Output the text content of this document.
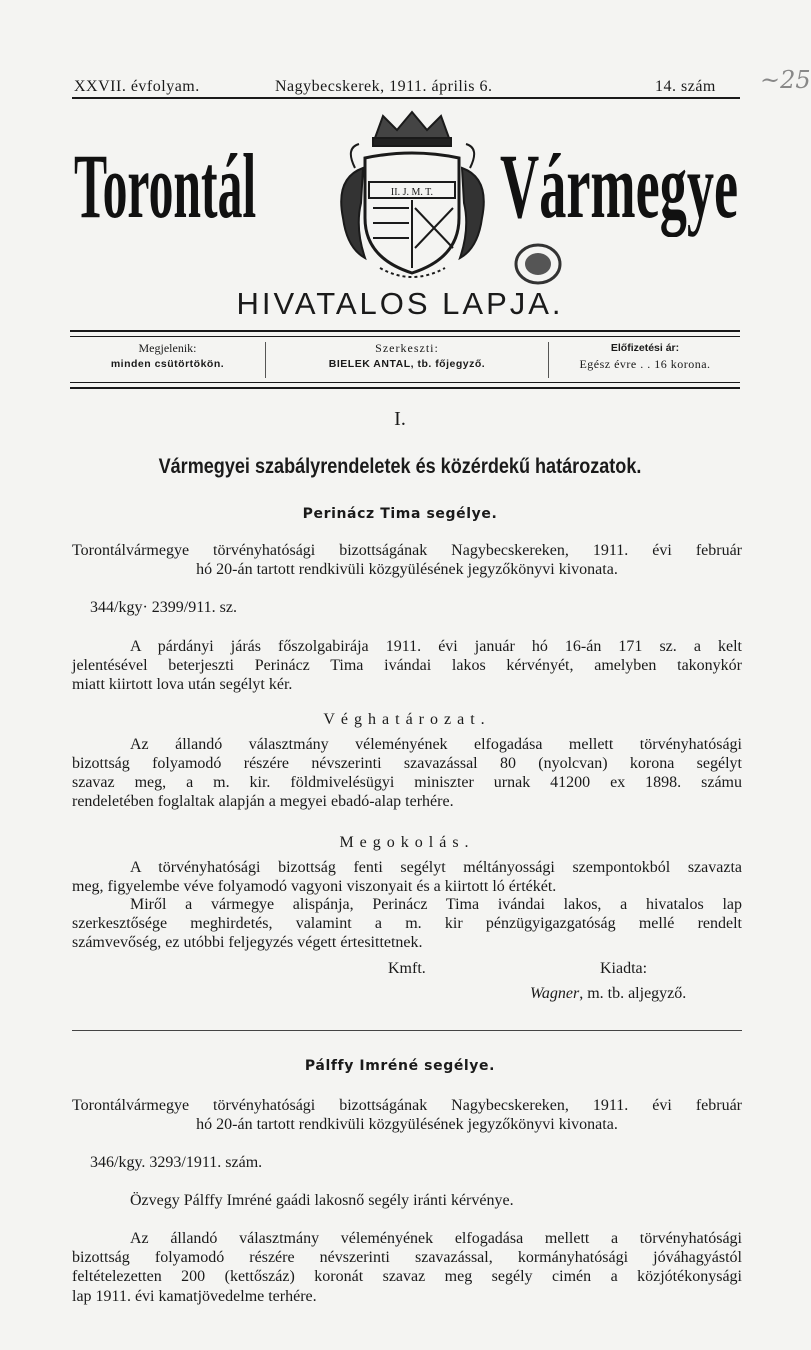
XXVII. évfolyam.	Nagybecskerek, 1911. április 6.	14. szám ~25
Torontál	Vármegye
II. J. M. T.
HIVATALOS LAPJA.
Megjelenik:
minden csütörtökön.
Szerkeszti:
BIELEK ANTAL, tb. főjegyző.
Előfizetési ár:
Egész évre . . 16 korona.
I.
Vármegyei szabályrendeletek és közérdekű határozatok.
Perinácz Tima segélye.
Pálffy Imréné segélye.
Torontálvármegye törvényhatósági bizottságának Nagybecskereken, 1911. évi február
hó 20-án tartott rendkivüli közgyülésének jegyzőkönyvi kivonata.
344/kgy· 2399/911. sz.
A párdányi járás főszolgabirája 1911. évi január hó 16-án 171 sz. a kelt
jelentésével beterjeszti Perinácz Tima ivándai lakos kérvényét, amelyben takonykór
miatt kiirtott lova után segélyt kér.
Véghatározat.
Az állandó választmány véleményének elfogadása mellett törvényhatósági
bizottság folyamodó részére névszerinti szavazással 80 (nyolcvan) korona segélyt
szavaz meg, a m. kir. földmivelésügyi miniszter urnak 41200 ex 1898. számu
rendeletében foglaltak alapján a megyei ebadó-alap terhére.
Megokolás.
A törvényhatósági bizottság fenti segélyt méltányossági szempontokból szavazta
meg, figyelembe véve folyamodó vagyoni viszonyait és a kiirtott ló értékét.
Miről a vármegye alispánja, Perinácz Tima ivándai lakos, a hivatalos lap
szerkesztősége meghirdetés, valamint a m. kir pénzügyigazgatóság mellé rendelt
számvevőség, ez utóbbi feljegyzés végett értesittetnek.
Kmft.	Kiadta:
Torontálvármegye törvényhatósági bizottságának Nagybecskereken, 1911. évi február
hó 20-án tartott rendkivüli közgyülésének jegyzőkönyvi kivonata.
346/kgy. 3293/1911. szám.
Özvegy Pálffy Imréné gaádi lakosnő segély iránti kérvénye.
Az állandó választmány véleményének elfogadása mellett a törvényhatósági
bizottság folyamodó részére névszerinti szavazással, kormányhatósági jóváhagyástól
feltételezetten 200 (kettőszáz) koronát szavaz meg segély cimén a közjótékonysági
lap 1911. évi kamatjövedelme terhére.
Wagner, m. tb. aljegyző.
